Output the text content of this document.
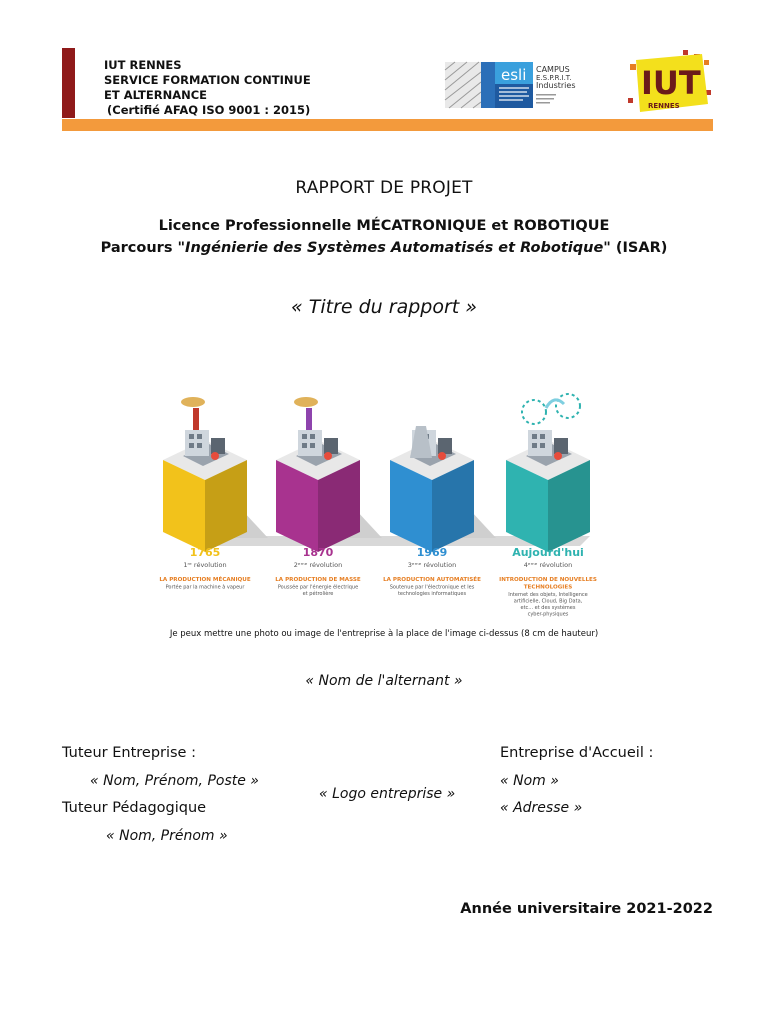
IUT RENNES
SERVICE FORMATION CONTINUE
ET ALTERNANCE
(Certifié AFAQ ISO 9001 : 2015)
esli CAMPUS
E.S.P.R.I.T.
Industries IUT
RENNES
RAPPORT DE PROJET
Licence Professionnelle MÉCATRONIQUE et ROBOTIQUE
Parcours "Ingénierie des Systèmes Automatisés et Robotique" (ISAR)
« Titre du rapport »
1765
1ʳᵉ révolution
LA PRODUCTION MÉCANIQUE
Portée par la machine à vapeur
1870
2ᵉᵐᵉ révolution
LA PRODUCTION DE MASSE
Poussée par l'énergie électrique
et pétrolière
1969
3ᵉᵐᵉ révolution
LA PRODUCTION AUTOMATISÉE
Soutenue par l'électronique et les
technologies informatiques
Aujourd'hui
4ᵉᵐᵉ révolution
INTRODUCTION DE NOUVELLES
TECHNOLOGIES
Internet des objets, Intelligence
artificielle, Cloud, Big Data,
etc... et des systèmes
cyber-physiques
Je peux mettre une photo ou image de l'entreprise à la place de l'image ci-dessus (8 cm de hauteur)
« Nom de l'alternant »
Tuteur Entreprise :
« Nom, Prénom, Poste »
Tuteur Pédagogique
« Nom, Prénom »
« Logo entreprise »
Entreprise d'Accueil :
« Nom »
« Adresse »
Année universitaire 2021-2022
